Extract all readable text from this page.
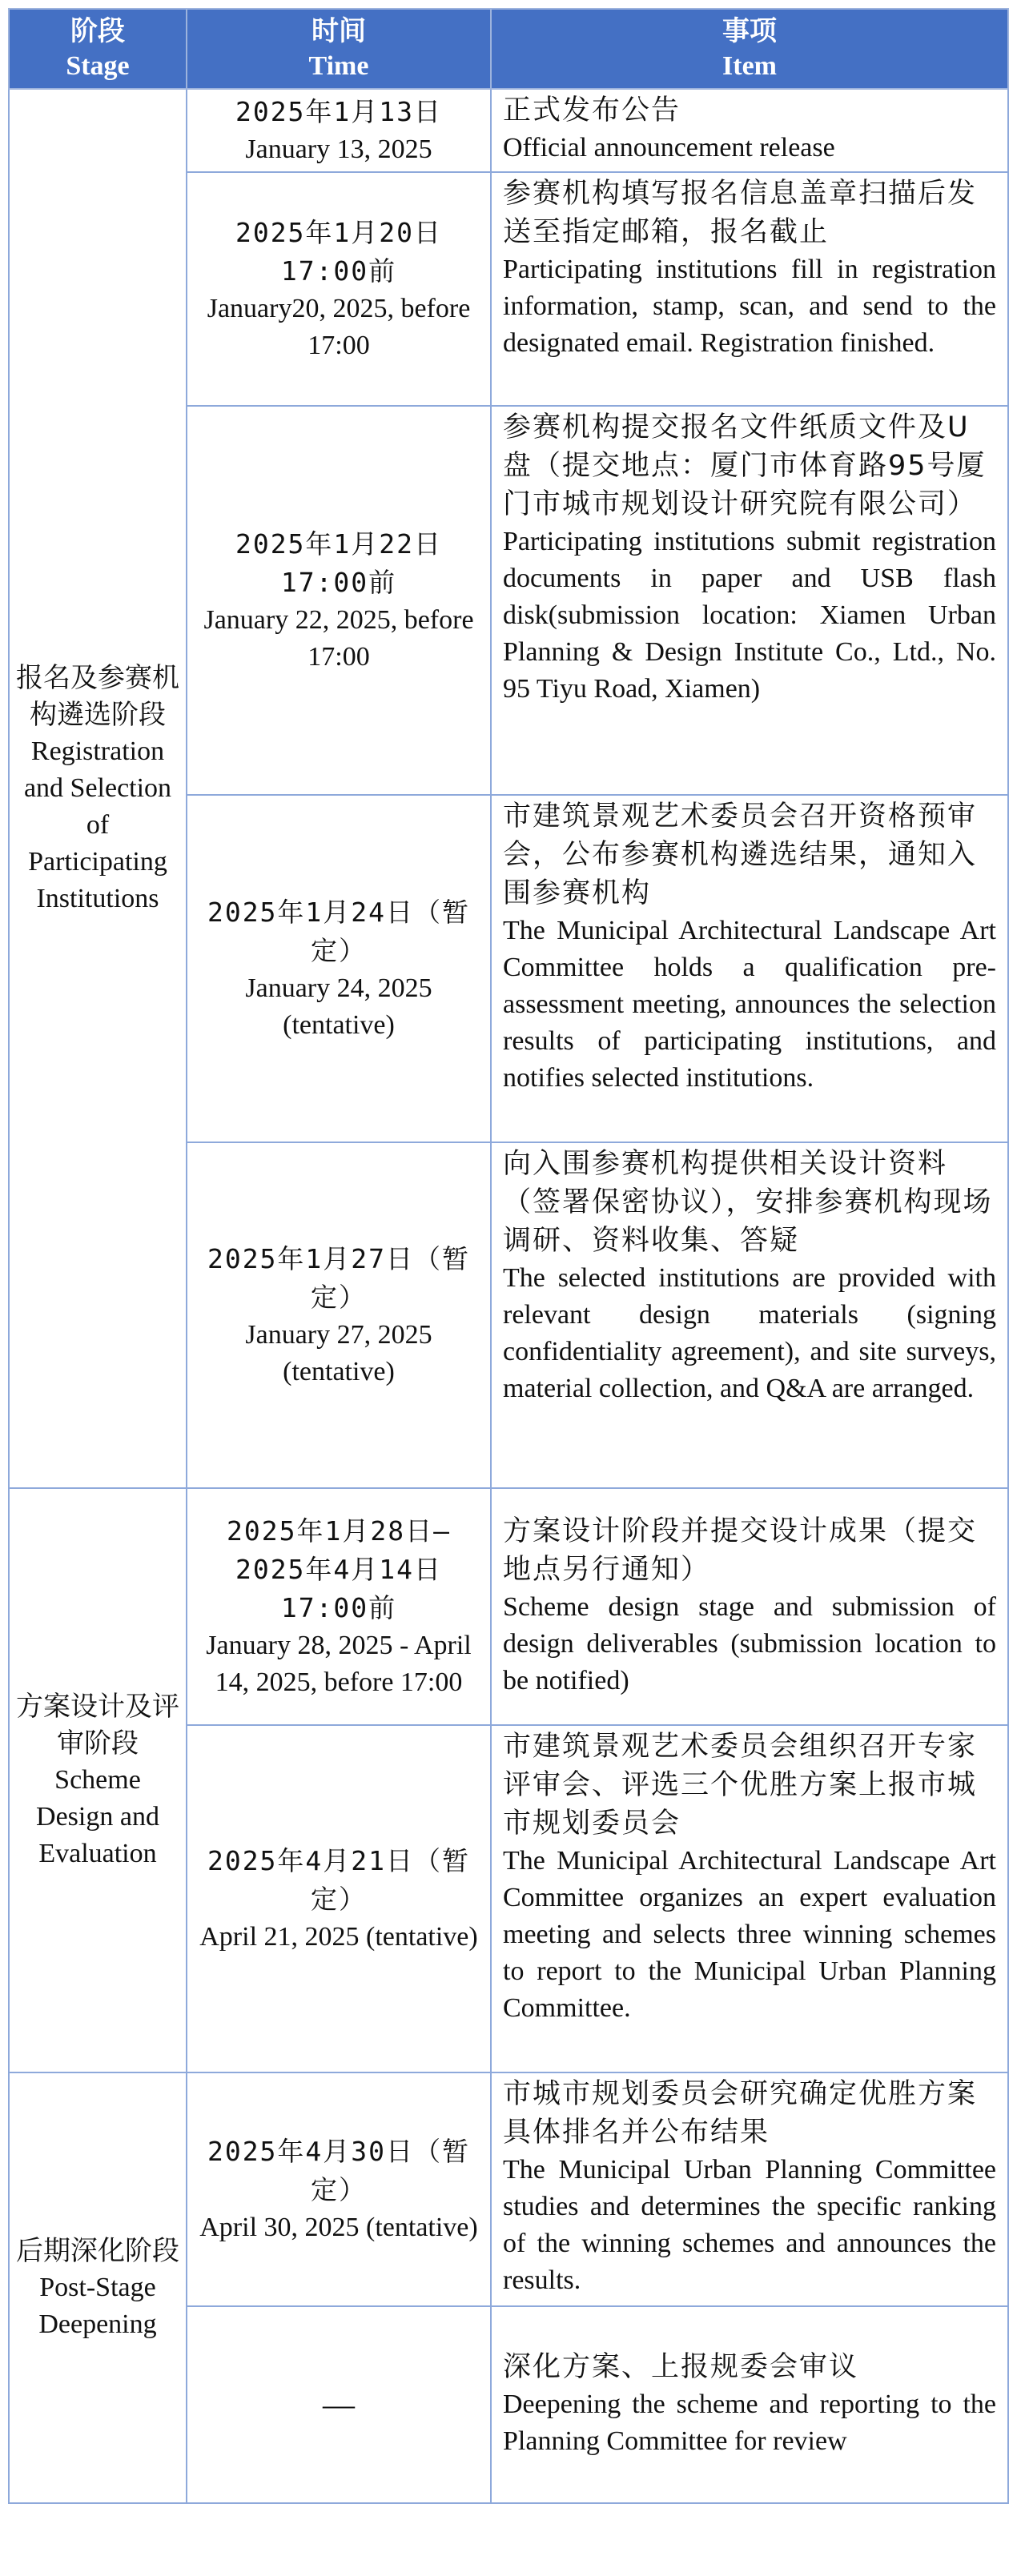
阶段
Stage	时间
Time	事项
Item

报名及参赛机构遴选阶段
Registration and Selection of Participating Institutions	2025年1月13日
January 13, 2025	正式发布公告
Official announcement release

	2025年1月20日17:00前
January20, 2025, before 17:00	参赛机构填写报名信息盖章扫描后发送至指定邮箱，报名截止
Participating institutions fill in registration information, stamp, scan, and send to the designated email. Registration finished.

	2025年1月22日17:00前
January 22, 2025, before 17:00	参赛机构提交报名文件纸质文件及U盘（提交地点：厦门市体育路95号厦门市城市规划设计研究院有限公司）
Participating institutions submit registration documents in paper and USB flash disk(submission location: Xiamen Urban Planning & Design Institute Co., Ltd., No. 95 Tiyu Road, Xiamen)

	2025年1月24日（暂定）
January 24, 2025 (tentative)	市建筑景观艺术委员会召开资格预审会，公布参赛机构遴选结果，通知入围参赛机构
The Municipal Architectural Landscape Art Committee holds a qualification pre-assessment meeting, announces the selection results of participating institutions, and notifies selected institutions.

	2025年1月27日（暂定）
January 27, 2025 (tentative)	向入围参赛机构提供相关设计资料（签署保密协议），安排参赛机构现场调研、资料收集、答疑
The selected institutions are provided with relevant design materials (signing confidentiality agreement), and site surveys, material collection, and Q&A are arranged.

方案设计及评审阶段
Scheme Design and Evaluation	2025年1月28日—2025年4月14日17:00前
January 28, 2025 - April 14, 2025, before 17:00	方案设计阶段并提交设计成果（提交地点另行通知）
Scheme design stage and submission of design deliverables (submission location to be notified)

	2025年4月21日（暂定）
April 21, 2025 (tentative)	市建筑景观艺术委员会组织召开专家评审会、评选三个优胜方案上报市城市规划委员会
The Municipal Architectural Landscape Art Committee organizes an expert evaluation meeting and selects three winning schemes to report to the Municipal Urban Planning Committee.

后期深化阶段
Post-Stage Deepening	2025年4月30日（暂定）
April 30, 2025 (tentative)	市城市规划委员会研究确定优胜方案具体排名并公布结果
The Municipal Urban Planning Committee studies and determines the specific ranking of the winning schemes and announces the results.

	—	深化方案、上报规委会审议
Deepening the scheme and reporting to the Planning Committee for review
